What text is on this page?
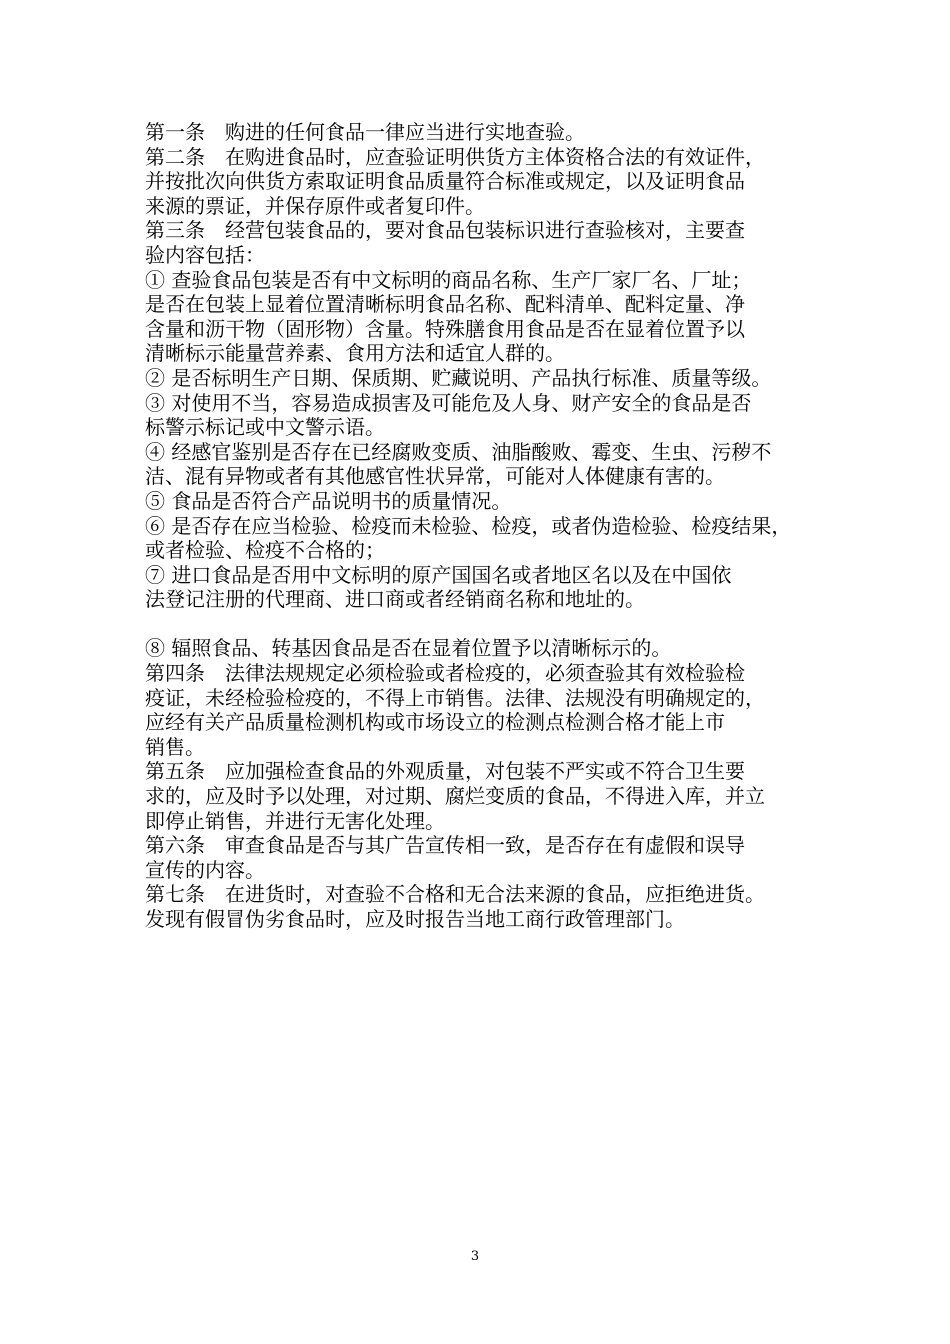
第一条　购进的任何食品一律应当进行实地查验。
第二条　在购进食品时，应查验证明供货方主体资格合法的有效证件，
并按批次向供货方索取证明食品质量符合标准或规定，以及证明食品
来源的票证，并保存原件或者复印件。
第三条　经营包装食品的，要对食品包装标识进行查验核对，主要查
验内容包括：
① 查验食品包装是否有中文标明的商品名称、生产厂家厂名、厂址；
是否在包装上显着位置清晰标明食品名称、配料清单、配料定量、净
含量和沥干物（固形物）含量。特殊膳食用食品是否在显着位置予以
清晰标示能量营养素、食用方法和适宜人群的。
② 是否标明生产日期、保质期、贮藏说明、产品执行标准、质量等级。
③ 对使用不当，容易造成损害及可能危及人身、财产安全的食品是否
标警示标记或中文警示语。
④ 经感官鉴别是否存在已经腐败变质、油脂酸败、霉变、生虫、污秽不
洁、混有异物或者有其他感官性状异常，可能对人体健康有害的。
⑤ 食品是否符合产品说明书的质量情况。
⑥ 是否存在应当检验、检疫而未检验、检疫，或者伪造检验、检疫结果，
或者检验、检疫不合格的；
⑦ 进口食品是否用中文标明的原产国国名或者地区名以及在中国依
法登记注册的代理商、进口商或者经销商名称和地址的。
⑧ 辐照食品、转基因食品是否在显着位置予以清晰标示的。
第四条　法律法规规定必须检验或者检疫的，必须查验其有效检验检
疫证，未经检验检疫的，不得上市销售。法律、法规没有明确规定的，
应经有关产品质量检测机构或市场设立的检测点检测合格才能上市
销售。
第五条　应加强检查食品的外观质量，对包装不严实或不符合卫生要
求的，应及时予以处理，对过期、腐烂变质的食品，不得进入库，并立
即停止销售，并进行无害化处理。
第六条　审查食品是否与其广告宣传相一致，是否存在有虚假和误导
宣传的内容。
第七条　在进货时，对查验不合格和无合法来源的食品，应拒绝进货。
发现有假冒伪劣食品时，应及时报告当地工商行政管理部门。
3
